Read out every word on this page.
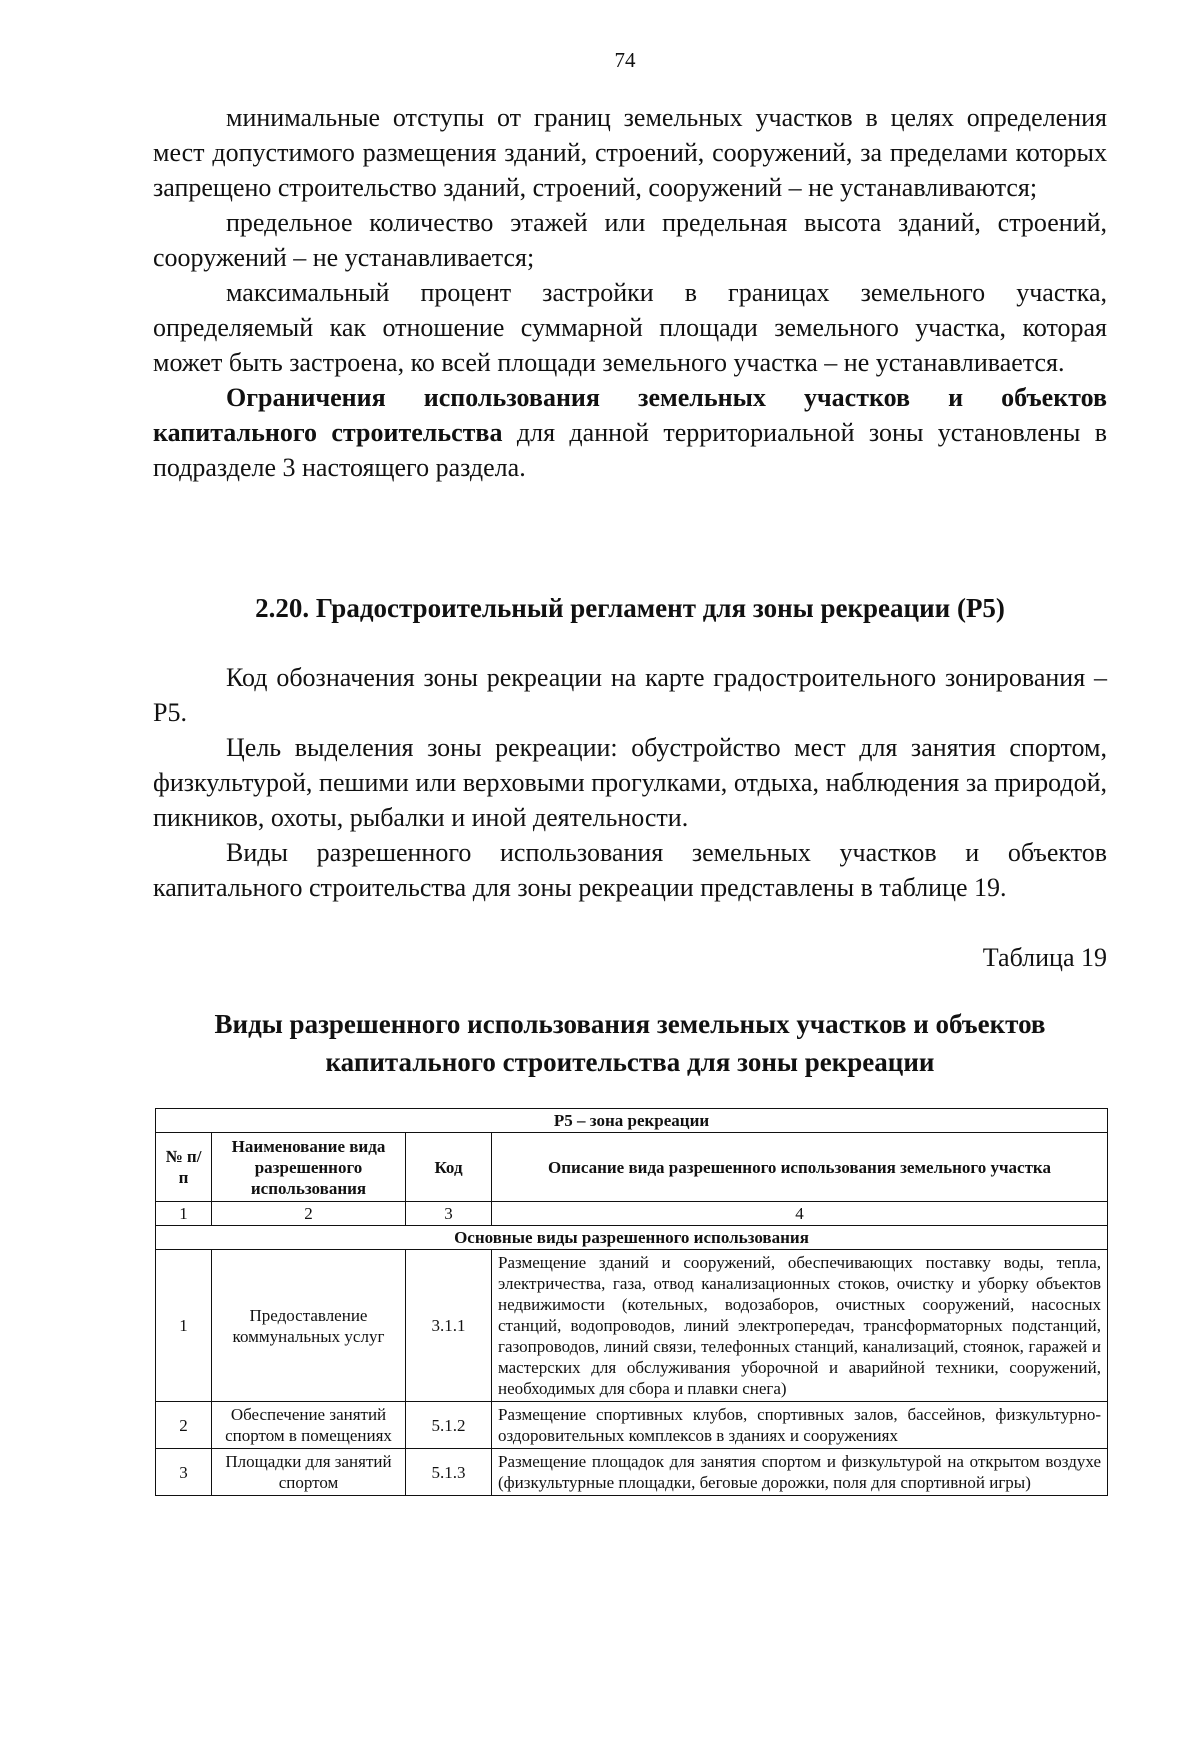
74

минимальные отступы от границ земельных участков в целях определения мест допустимого размещения зданий, строений, сооружений, за пределами которых запрещено строительство зданий, строений, сооружений – не устанавливаются;

предельное количество этажей или предельная высота зданий, строений, сооружений – не устанавливается;

максимальный процент застройки в границах земельного участка, определяемый как отношение суммарной площади земельного участка, которая может быть застроена, ко всей площади земельного участка – не устанавливается.

Ограничения использования земельных участков и объектов капитального строительства для данной территориальной зоны установлены в подразделе 3 настоящего раздела.

2.20. Градостроительный регламент для зоны рекреации (Р5)

Код обозначения зоны рекреации на карте градостроительного зонирования – Р5.

Цель выделения зоны рекреации: обустройство мест для занятия спортом, физкультурой, пешими или верховыми прогулками, отдыха, наблюдения за природой, пикников, охоты, рыбалки и иной деятельности.

Виды разрешенного использования земельных участков и объектов капитального строительства для зоны рекреации представлены в таблице 19.

Таблица 19
Виды разрешенного использования земельных участков и объектов
капитального строительства для зоны рекреации
Р5 – зона рекреации			
№ п/п	Наименование вида разрешенного использования	Код	Описание вида разрешенного использования земельного участка
1	2	3	4
Основные виды разрешенного использования			
1	Предоставление коммунальных услуг	3.1.1	Размещение зданий и сооружений, обеспечивающих поставку воды, тепла, электричества, газа, отвод канализационных стоков, очистку и уборку объектов недвижимости (котельных, водозаборов, очистных сооружений, насосных станций, водопроводов, линий электропередач, трансформаторных подстанций, газопроводов, линий связи, телефонных станций, канализаций, стоянок, гаражей и мастерских для обслуживания уборочной и аварийной техники, сооружений, необходимых для сбора и плавки снега)
2	Обеспечение занятий спортом в помещениях	5.1.2	Размещение спортивных клубов, спортивных залов, бассейнов, физкультурно-оздоровительных комплексов в зданиях и сооружениях
3	Площадки для занятий спортом	5.1.3	Размещение площадок для занятия спортом и физкультурой на открытом воздухе (физкультурные площадки, беговые дорожки, поля для спортивной игры)
